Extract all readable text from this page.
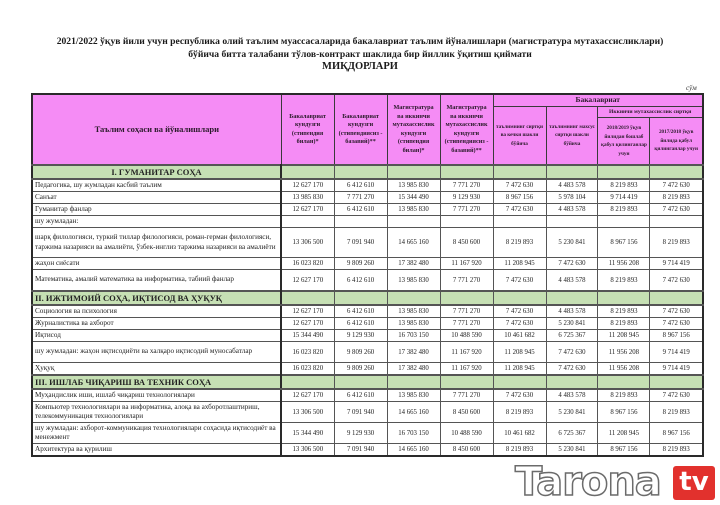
2021/2022 ўқув йили учун республика олий таълим муассасаларида бакалавриат таълим йўналишлари (магистратура мутахассисликлари)
бўйича битта талабани тўлов-контракт шаклида бир йиллик ўқитиш қиймати
МИҚДОРЛАРИ
сўм
Таълим соҳаси ва йўналишлари	Бакалавриат кундузги (стипендия билан)*	Бакалавриат кундузги (стипендиясиз - базавий)**	Магистратура ва иккинчи мутахассислик кундузги (стипендия билан)*	Магистратура ва иккинчи мутахассислик кундузги (стипендиясиз - базавий)**	Бакалавриат			
					таълимнинг сиртқи ва кечки шакли бўйича	таълимнинг махсус сиртқи шакли бўйича	Иккинчи мутахассислик сиртқи	
							2018/2019 ўқув йилидан бошлаб қабул қилинганлар учун	2017/2018 ўқув йилида қабул қилинганлар учун
I. ГУМАНИТАР СОҲА								
Педагогика, шу жумладан касбий таълим	12 627 170	6 412 610	13 985 830	7 771 270	7 472 630	4 483 578	8 219 893	7 472 630
Санъат	13 985 830	7 771 270	15 344 490	9 129 930	8 967 156	5 978 104	9 714 419	8 219 893
Гуманитар фанлар	12 627 170	6 412 610	13 985 830	7 771 270	7 472 630	4 483 578	8 219 893	7 472 630
шу жумладан:								
шарқ филологияси, туркий тиллар филологияси, роман-герман филологияси, таржима назарияси ва амалиёти, ўзбек-инглиз таржима назарияси ва амалиёти	13 306 500	7 091 940	14 665 160	8 450 600	8 219 893	5 230 841	8 967 156	8 219 893
жаҳон сиёсати	16 023 820	9 809 260	17 382 480	11 167 920	11 208 945	7 472 630	11 956 208	9 714 419
Математика, амалий математика ва информатика, табиий фанлар	12 627 170	6 412 610	13 985 830	7 771 270	7 472 630	4 483 578	8 219 893	7 472 630
II. ИЖТИМОИЙ СОҲА, ИҚТИСОД ВА ҲУҚУҚ								
Социология ва психология	12 627 170	6 412 610	13 985 830	7 771 270	7 472 630	4 483 578	8 219 893	7 472 630
Журналистика ва ахборот	12 627 170	6 412 610	13 985 830	7 771 270	7 472 630	5 230 841	8 219 893	7 472 630
Иқтисод	15 344 490	9 129 930	16 703 150	10 488 590	10 461 682	6 725 367	11 208 945	8 967 156
шу жумладан: жаҳон иқтисодиёти ва халқаро иқтисодий муносабатлар	16 023 820	9 809 260	17 382 480	11 167 920	11 208 945	7 472 630	11 956 208	9 714 419
Ҳуқуқ	16 023 820	9 809 260	17 382 480	11 167 920	11 208 945	7 472 630	11 956 208	9 714 419
III. ИШЛАБ ЧИҚАРИШ ВА ТЕХНИК СОҲА								
Муҳандислик иши, ишлаб чиқариш технологиялари	12 627 170	6 412 610	13 985 830	7 771 270	7 472 630	4 483 578	8 219 893	7 472 630
Компьютер технологиялари ва информатика, алоқа ва ахборотлаштириш, телекоммуникация технологиялари	13 306 500	7 091 940	14 665 160	8 450 600	8 219 893	5 230 841	8 967 156	8 219 893
шу жумладан: ахборот-коммуникация технологиялари соҳасида иқтисодиёт ва менежмент	15 344 490	9 129 930	16 703 150	10 488 590	10 461 682	6 725 367	11 208 945	8 967 156
Архитектура ва қурилиш	13 306 500	7 091 940	14 665 160	8 450 600	8 219 893	5 230 841	8 967 156	8 219 893
Tarona tv
